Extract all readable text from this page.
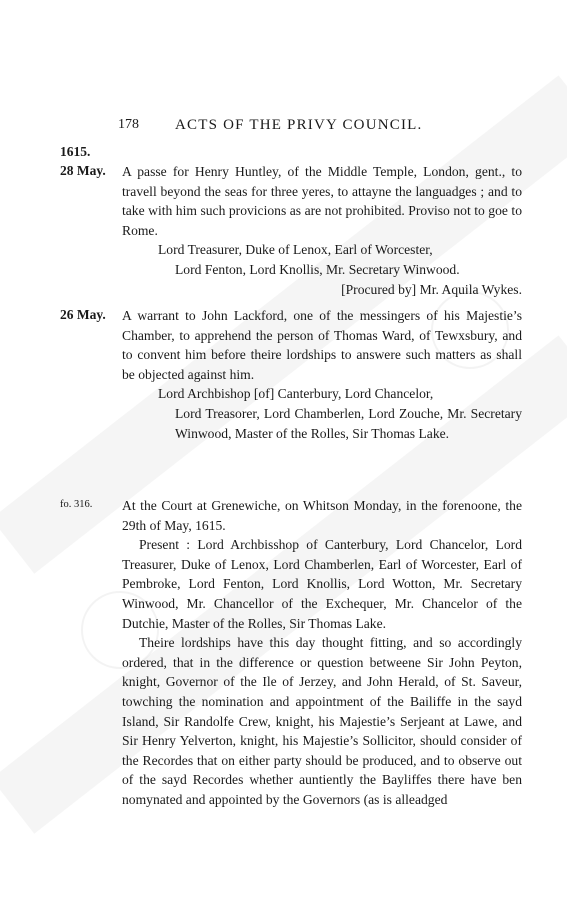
178 ACTS OF THE PRIVY COUNCIL.
1615.
28 May. A passe for Henry Huntley, of the Middle Temple, London, gent., to travell beyond the seas for three yeres, to attayne the languadges ; and to take with him such provicions as are not prohibited. Proviso not to goe to Rome.

Lord Treasurer, Duke of Lenox, Earl of Worcester,
Lord Fenton, Lord Knollis, Mr. Secretary Winwood.

[Procured by] Mr. Aquila Wykes.

26 May. A warrant to John Lackford, one of the messingers of his Majestie’s Chamber, to apprehend the person of Thomas Ward, of Tewxsbury, and to convent him before theire lordships to answere such matters as shall be objected against him.

Lord Archbishop [of] Canterbury, Lord Chancelor,
Lord Treasorer, Lord Chamberlen, Lord Zouche, Mr. Secretary Winwood, Master of the Rolles, Sir Thomas Lake.

fo. 316. At the Court at Grenewiche, on Whitson Monday, in the forenoone, the 29th of May, 1615.

Present : Lord Archbisshop of Canterbury, Lord Chancelor, Lord Treasurer, Duke of Lenox, Lord Chamberlen, Earl of Worcester, Earl of Pembroke, Lord Fenton, Lord Knollis, Lord Wotton, Mr. Secretary Winwood, Mr. Chancellor of the Exchequer, Mr. Chancelor of the Dutchie, Master of the Rolles, Sir Thomas Lake.

Theire lordships have this day thought fitting, and so accordingly ordered, that in the difference or question betweene Sir John Peyton, knight, Governor of the Ile of Jerzey, and John Herald, of St. Saveur, towching the nomination and appointment of the Bailiffe in the sayd Island, Sir Randolfe Crew, knight, his Majestie’s Serjeant at Lawe, and Sir Henry Yelverton, knight, his Majestie’s Sollicitor, should consider of the Recordes that on either party should be produced, and to observe out of the sayd Recordes whether auntiently the Bayliffes there have ben nomynated and appointed by the Governors (as is alleadged
